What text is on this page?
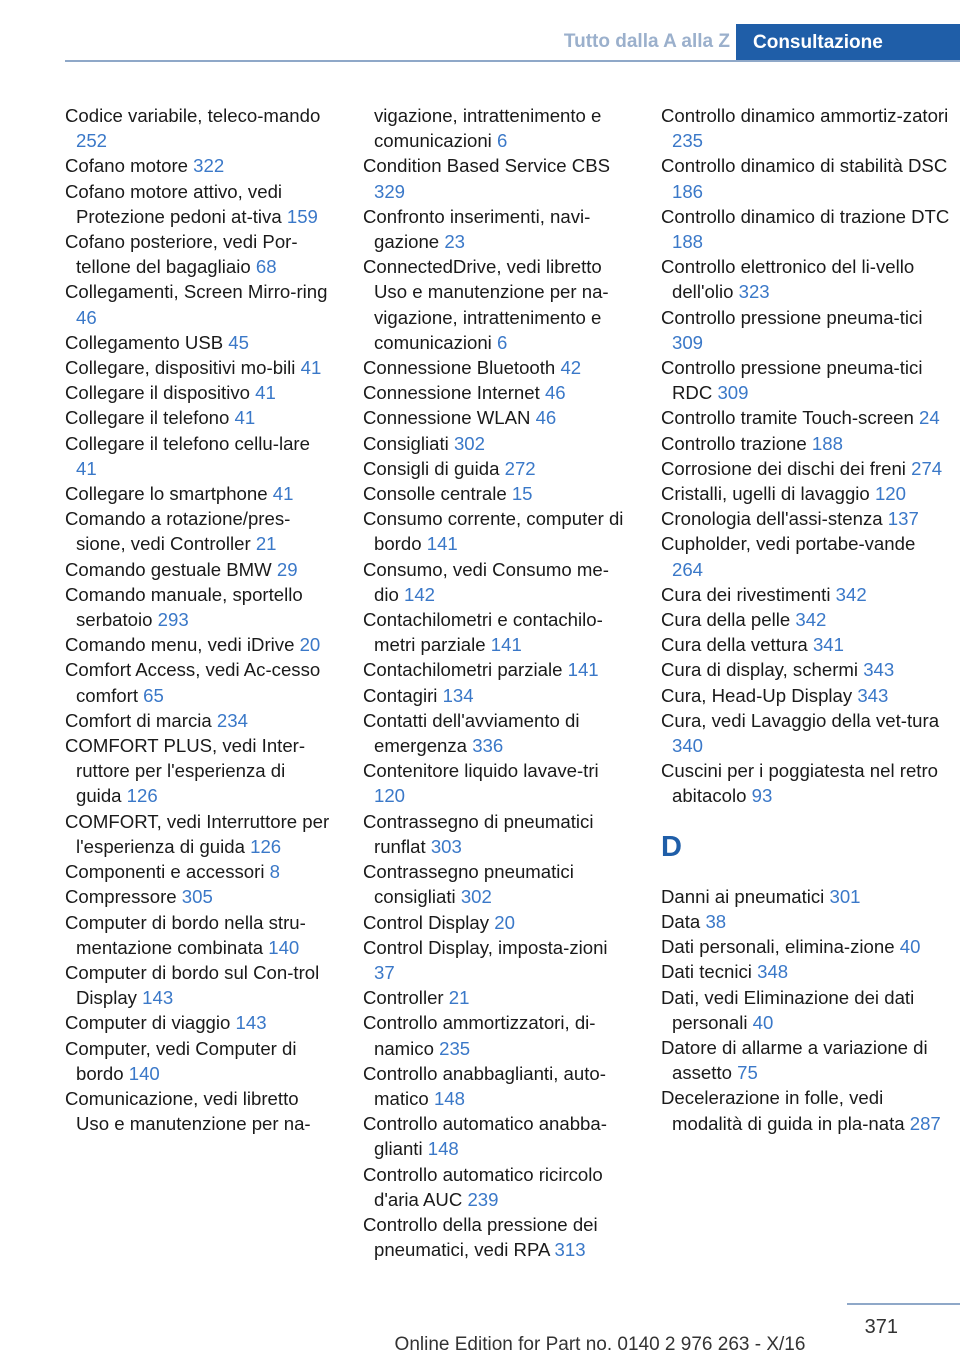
Tutto dalla A alla Z	Consultazione

Codice variabile, teleco-mando 252

Cofano motore 322

Cofano motore attivo, vedi Protezione pedoni at-tiva 159

Cofano posteriore, vedi Por-tellone del bagagliaio 68

Collegamenti, Screen Mirro-ring 46

Collegamento USB 45

Collegare, dispositivi mo-bili 41

Collegare il dispositivo 41

Collegare il telefono 41

Collegare il telefono cellu-lare 41

Collegare lo smartphone 41

Comando a rotazione/pres-sione, vedi Controller 21

Comando gestuale BMW 29

Comando manuale, sportello serbatoio 293

Comando menu, vedi iDrive 20

Comfort Access, vedi Ac-cesso comfort 65

Comfort di marcia 234

COMFORT PLUS, vedi Inter-ruttore per l'esperienza di guida 126

COMFORT, vedi Interruttore per l'esperienza di guida 126

Componenti e accessori 8

Compressore 305

Computer di bordo nella stru-mentazione combinata 140

Computer di bordo sul Con-trol Display 143

Computer di viaggio 143

Computer, vedi Computer di bordo 140

Comunicazione, vedi libretto Uso e manutenzione per na-

vigazione, intrattenimento e comunicazioni 6

Condition Based Service CBS 329

Confronto inserimenti, navi-gazione 23

ConnectedDrive, vedi libretto Uso e manutenzione per na-vigazione, intrattenimento e comunicazioni 6

Connessione Bluetooth 42

Connessione Internet 46

Connessione WLAN 46

Consigliati 302

Consigli di guida 272

Consolle centrale 15

Consumo corrente, computer di bordo 141

Consumo, vedi Consumo me-dio 142

Contachilometri e contachilo-metri parziale 141

Contachilometri parziale 141

Contagiri 134

Contatti dell'avviamento di emergenza 336

Contenitore liquido lavave-tri 120

Contrassegno di pneumatici runflat 303

Contrassegno pneumatici consigliati 302

Control Display 20

Control Display, imposta-zioni 37

Controller 21

Controllo ammortizzatori, di-namico 235

Controllo anabbaglianti, auto-matico 148

Controllo automatico anabba-glianti 148

Controllo automatico ricircolo d'aria AUC 239

Controllo della pressione dei pneumatici, vedi RPA 313

Controllo dinamico ammortiz-zatori 235

Controllo dinamico di stabilità DSC 186

Controllo dinamico di trazione DTC 188

Controllo elettronico del li-vello dell'olio 323

Controllo pressione pneuma-tici 309

Controllo pressione pneuma-tici RDC 309

Controllo tramite Touch-screen 24

Controllo trazione 188

Corrosione dei dischi dei freni 274

Cristalli, ugelli di lavaggio 120

Cronologia dell'assi-stenza 137

Cupholder, vedi portabe-vande 264

Cura dei rivestimenti 342

Cura della pelle 342

Cura della vettura 341

Cura di display, schermi 343

Cura, Head-Up Display 343

Cura, vedi Lavaggio della vet-tura 340

Cuscini per i poggiatesta nel retro abitacolo 93

D

Danni ai pneumatici 301

Data 38

Dati personali, elimina-zione 40

Dati tecnici 348

Dati, vedi Eliminazione dei dati personali 40

Datore di allarme a variazione di assetto 75

Decelerazione in folle, vedi modalità di guida in pla-nata 287

371
Online Edition for Part no. 0140 2 976 263 - X/16
